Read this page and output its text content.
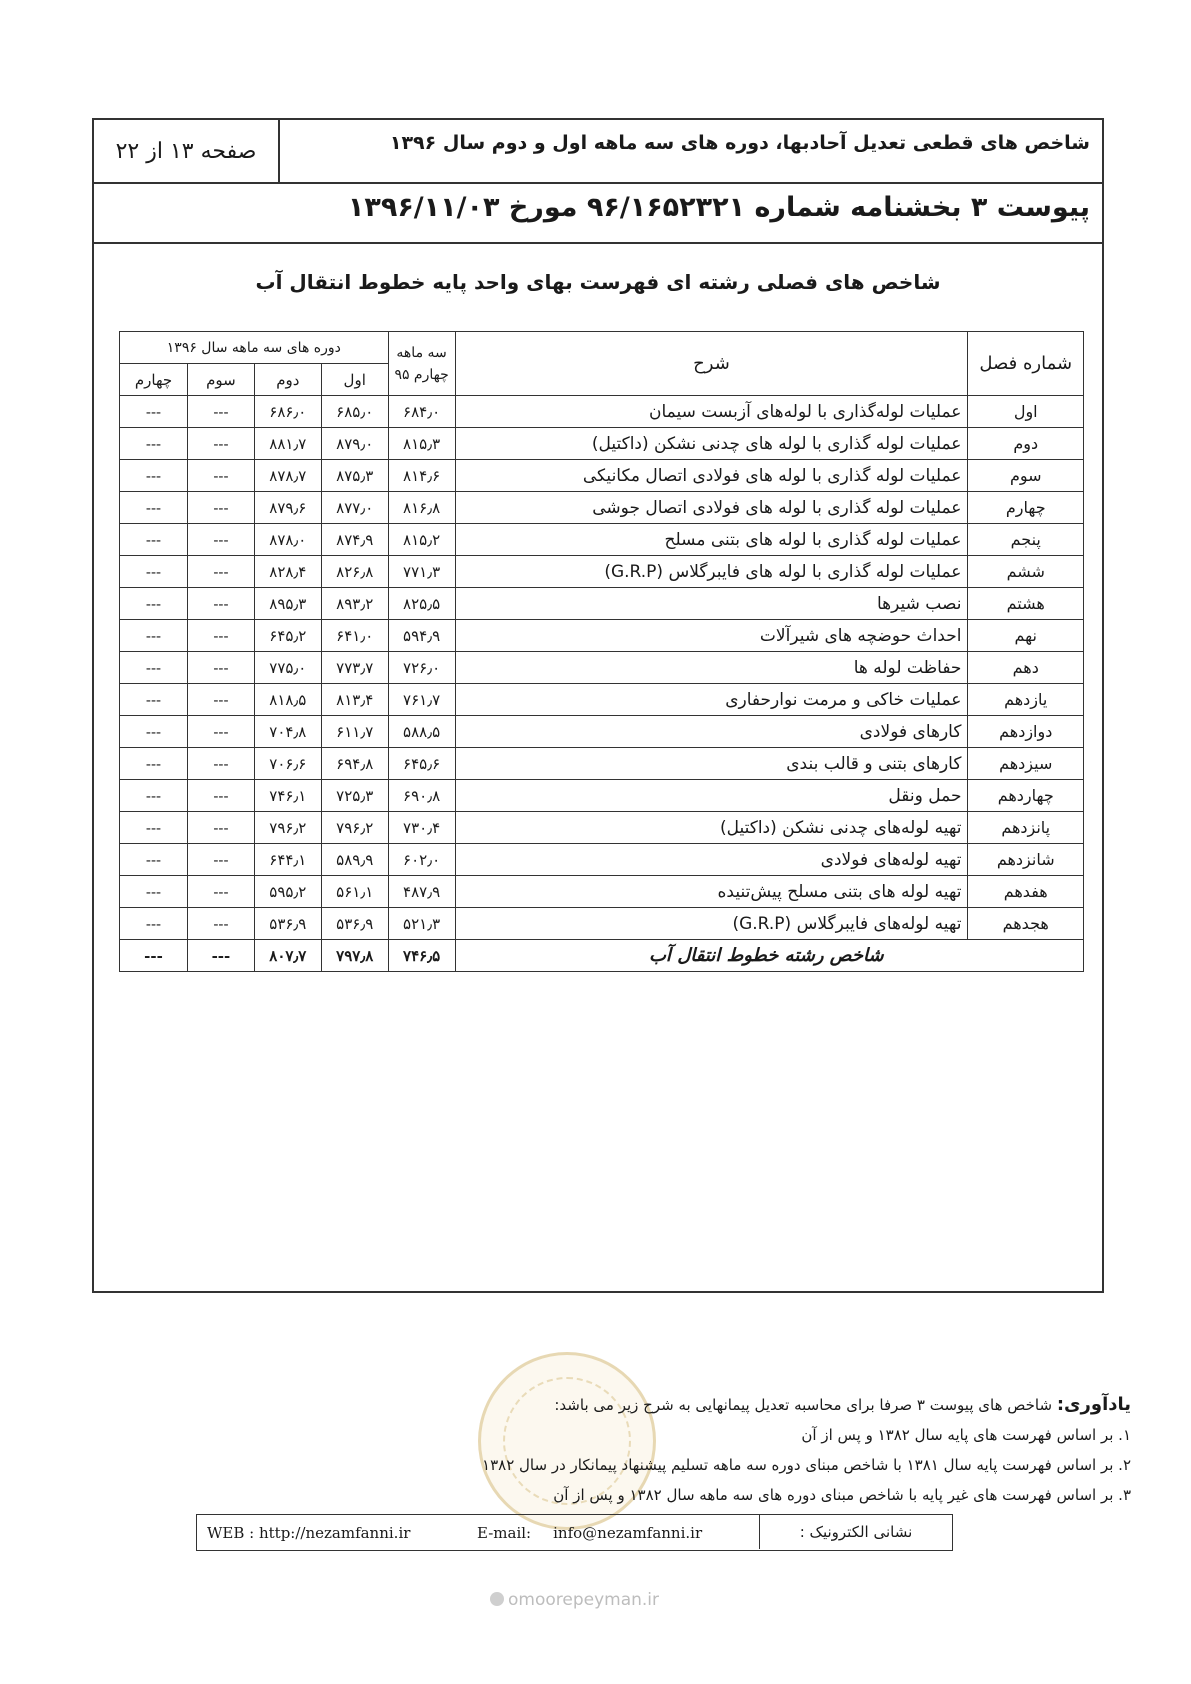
شاخص های قطعی تعدیل آحادبها، دوره های سه ماهه اول و دوم سال ۱۳۹۶
صفحه ۱۳ از ۲۲
پیوست ۳ بخشنامه شماره ۹۶/۱۶۵۲۳۲۱ مورخ ۱۳۹۶/۱۱/۰۳
شاخص های فصلی رشته ای فهرست بهای واحد پایه خطوط انتقال آب
شماره فصل	شرح	سه ماهه چهارم ۹۵	دوره های سه ماهه سال ۱۳۹۶			
			اول	دوم	سوم	چهارم
اول	عملیات لوله‌گذاری با لوله‌های آزبست سیمان	۶۸۴٫۰	۶۸۵٫۰	۶۸۶٫۰	---	---
دوم	عملیات لوله گذاری با لوله های چدنی نشکن (داکتیل)	۸۱۵٫۳	۸۷۹٫۰	۸۸۱٫۷	---	---
سوم	عملیات لوله گذاری با لوله های فولادی اتصال مکانیکی	۸۱۴٫۶	۸۷۵٫۳	۸۷۸٫۷	---	---
چهارم	عملیات لوله گذاری با لوله های فولادی اتصال جوشی	۸۱۶٫۸	۸۷۷٫۰	۸۷۹٫۶	---	---
پنجم	عملیات لوله گذاری با لوله های بتنی مسلح	۸۱۵٫۲	۸۷۴٫۹	۸۷۸٫۰	---	---
ششم	عملیات لوله گذاری با لوله های فایبرگلاس (G.R.P)	۷۷۱٫۳	۸۲۶٫۸	۸۲۸٫۴	---	---
هشتم	نصب شیرها	۸۲۵٫۵	۸۹۳٫۲	۸۹۵٫۳	---	---
نهم	احداث حوضچه های شیرآلات	۵۹۴٫۹	۶۴۱٫۰	۶۴۵٫۲	---	---
دهم	حفاظت لوله ها	۷۲۶٫۰	۷۷۳٫۷	۷۷۵٫۰	---	---
یازدهم	عملیات خاکی و مرمت نوارحفاری	۷۶۱٫۷	۸۱۳٫۴	۸۱۸٫۵	---	---
دوازدهم	کارهای فولادی	۵۸۸٫۵	۶۱۱٫۷	۷۰۴٫۸	---	---
سیزدهم	کارهای بتنی و قالب بندی	۶۴۵٫۶	۶۹۴٫۸	۷۰۶٫۶	---	---
چهاردهم	حمل ونقل	۶۹۰٫۸	۷۲۵٫۳	۷۴۶٫۱	---	---
پانزدهم	تهیه لوله‌های چدنی نشکن (داکتیل)	۷۳۰٫۴	۷۹۶٫۲	۷۹۶٫۲	---	---
شانزدهم	تهیه لوله‌های فولادی	۶۰۲٫۰	۵۸۹٫۹	۶۴۴٫۱	---	---
هفدهم	تهیه لوله های بتنی مسلح پیش‌تنیده	۴۸۷٫۹	۵۶۱٫۱	۵۹۵٫۲	---	---
هجدهم	تهیه لوله‌های فایبرگلاس (G.R.P)	۵۲۱٫۳	۵۳۶٫۹	۵۳۶٫۹	---	---
شاخص رشته خطوط انتقال آب		۷۴۶٫۵	۷۹۷٫۸	۸۰۷٫۷	---	---
یادآوری: شاخص های پیوست ۳ صرفا برای محاسبه تعدیل پیمانهایی به شرح زیر می باشد:
۱. بر اساس فهرست های پایه سال ۱۳۸۲ و پس از آن
۲. بر اساس فهرست پایه سال ۱۳۸۱ با شاخص مبنای دوره سه ماهه تسلیم پیشنهاد پیمانکار در سال ۱۳۸۲
۳. بر اساس فهرست های غیر پایه با شاخص مبنای دوره های سه ماهه سال ۱۳۸۲ و پس از آن
نشانی الکترونیک :
E-mail: info@nezamfanni.ir
WEB : http://nezamfanni.ir
omoorepeyman.ir
